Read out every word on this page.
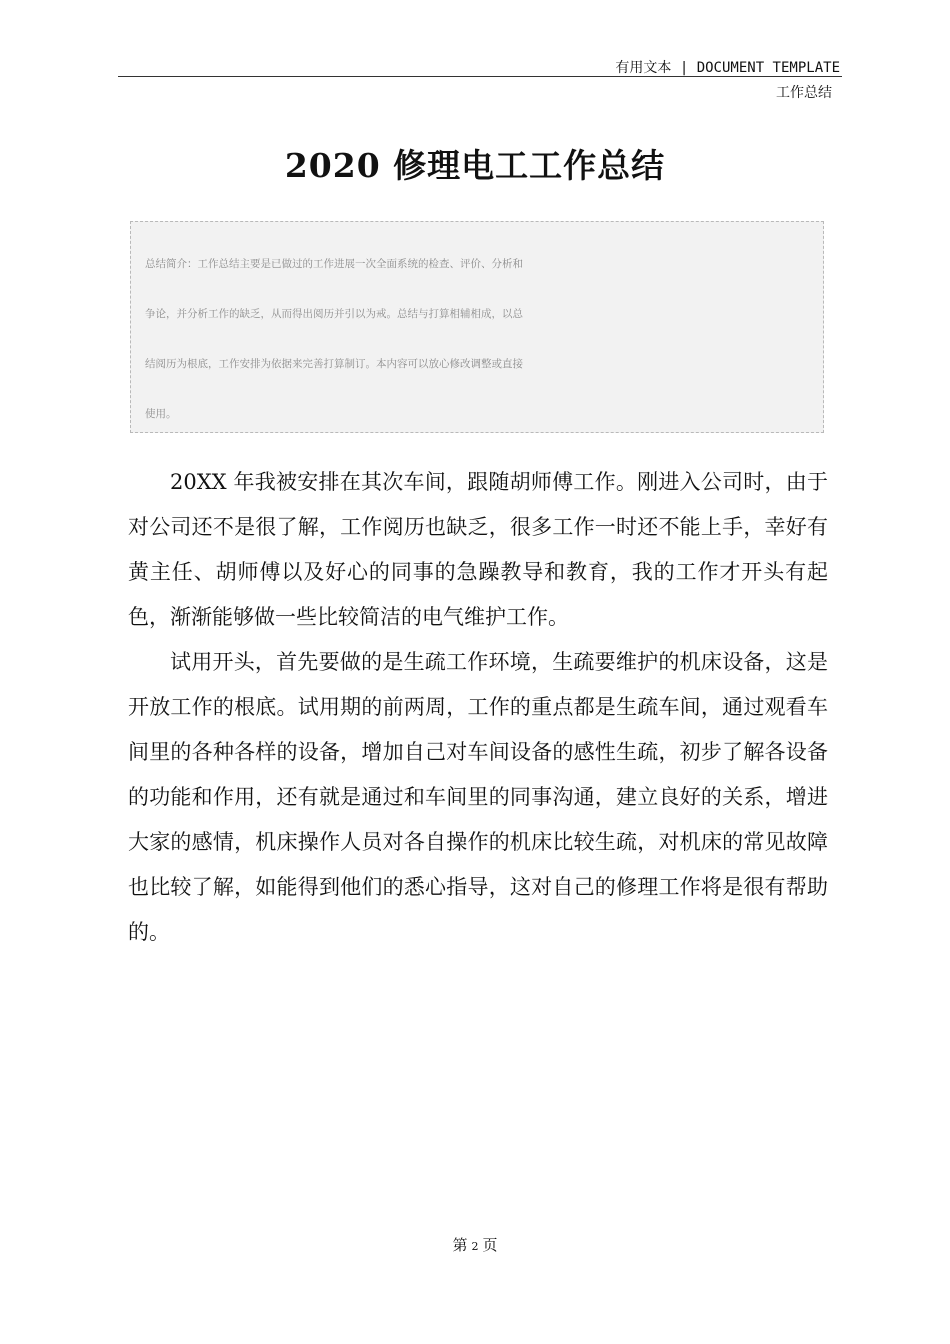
有用文本 | DOCUMENT TEMPLATE
工作总结
2020 修理电工工作总结

总结简介：工作总结主要是已做过的工作进展一次全面系统的检查、评价、分析和争论，并分析工作的缺乏，从而得出阅历并引以为戒。总结与打算相辅相成，以总结阅历为根底，工作安排为依据来完善打算制订。本内容可以放心修改调整或直接使用。

20XX 年我被安排在其次车间，跟随胡师傅工作。刚进入公司时，由于对公司还不是很了解，工作阅历也缺乏，很多工作一时还不能上手，幸好有黄主任、胡师傅以及好心的同事的急躁教导和教育，我的工作才开头有起色，渐渐能够做一些比较简洁的电气维护工作。

试用开头，首先要做的是生疏工作环境，生疏要维护的机床设备，这是开放工作的根底。试用期的前两周，工作的重点都是生疏车间，通过观看车间里的各种各样的设备，增加自己对车间设备的感性生疏，初步了解各设备的功能和作用，还有就是通过和车间里的同事沟通，建立良好的关系，增进大家的感情，机床操作人员对各自操作的机床比较生疏，对机床的常见故障也比较了解，如能得到他们的悉心指导，这对自己的修理工作将是很有帮助的。

第 2 页
